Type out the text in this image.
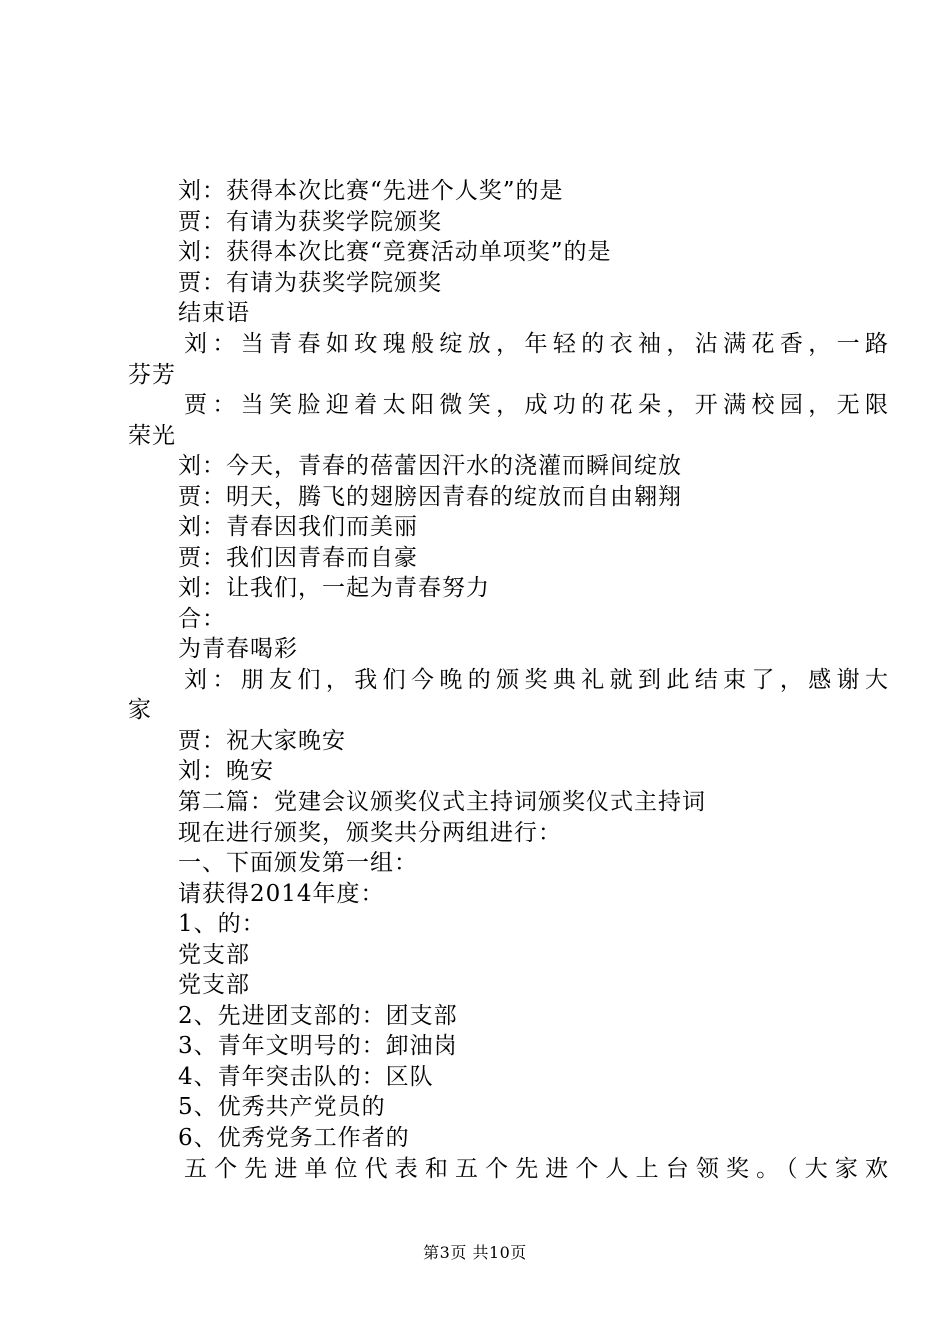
刘：获得本次比赛“先进个人奖”的是
贾：有请为获奖学院颁奖
刘：获得本次比赛“竞赛活动单项奖”的是
贾：有请为获奖学院颁奖
结束语
刘：当青春如玫瑰般绽放，年轻的衣袖，沾满花香，一路
芬芳
贾：当笑脸迎着太阳微笑，成功的花朵，开满校园，无限
荣光
刘：今天，青春的蓓蕾因汗水的浇灌而瞬间绽放
贾：明天，腾飞的翅膀因青春的绽放而自由翱翔
刘：青春因我们而美丽
贾：我们因青春而自豪
刘：让我们，一起为青春努力
合：
为青春喝彩
刘：朋友们，我们今晚的颁奖典礼就到此结束了，感谢大
家
贾：祝大家晚安
刘：晚安
第二篇：党建会议颁奖仪式主持词颁奖仪式主持词
现在进行颁奖，颁奖共分两组进行：
一、下面颁发第一组：
请获得2014年度：
1、的：
党支部
党支部
2、先进团支部的：团支部
3、青年文明号的：卸油岗
4、青年突击队的：区队
5、优秀共产党员的
6、优秀党务工作者的
五个先进单位代表和五个先进个人上台领奖。（大家欢
第3页 共10页
